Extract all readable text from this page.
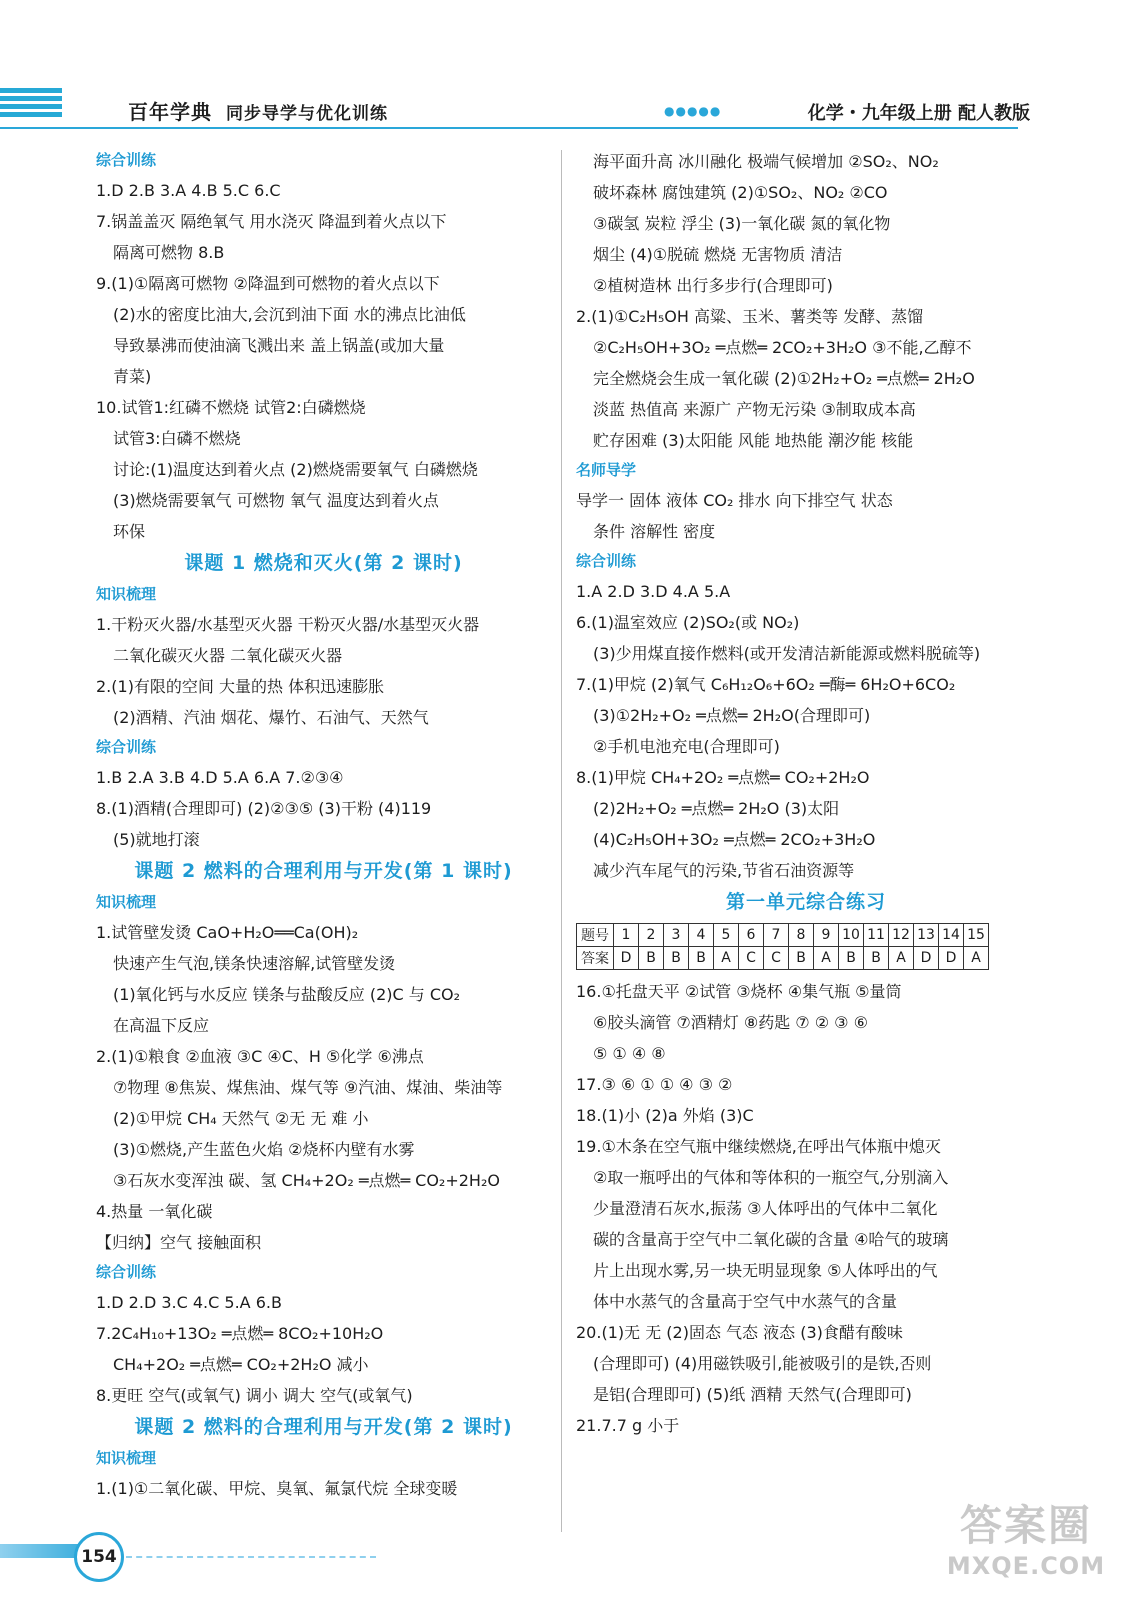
百年学典 同步导学与优化训练	●●●●●	化学・九年级上册 配人教版
综合训练
1.D 2.B 3.A 4.B 5.C 6.C
7.锅盖盖灭 隔绝氧气 用水浇灭 降温到着火点以下
隔离可燃物 8.B
9.(1)①隔离可燃物 ②降温到可燃物的着火点以下
(2)水的密度比油大,会沉到油下面 水的沸点比油低
导致暴沸而使油滴飞溅出来 盖上锅盖(或加大量
青菜)
10.试管1:红磷不燃烧 试管2:白磷燃烧
试管3:白磷不燃烧
讨论:(1)温度达到着火点 (2)燃烧需要氧气 白磷燃烧
(3)燃烧需要氧气 可燃物 氧气 温度达到着火点
环保
课题 1 燃烧和灭火(第 2 课时)
知识梳理
1.干粉灭火器/水基型灭火器 干粉灭火器/水基型灭火器
二氧化碳灭火器 二氧化碳灭火器
2.(1)有限的空间 大量的热 体积迅速膨胀
(2)酒精、汽油 烟花、爆竹、石油气、天然气
综合训练
1.B 2.A 3.B 4.D 5.A 6.A 7.②③④
8.(1)酒精(合理即可) (2)②③⑤ (3)干粉 (4)119
(5)就地打滚
课题 2 燃料的合理利用与开发(第 1 课时)
知识梳理
1.试管壁发烫 CaO+H₂O══Ca(OH)₂
快速产生气泡,镁条快速溶解,试管壁发烫
(1)氧化钙与水反应 镁条与盐酸反应 (2)C 与 CO₂
在高温下反应
2.(1)①粮食 ②血液 ③C ④C、H ⑤化学 ⑥沸点
⑦物理 ⑧焦炭、煤焦油、煤气等 ⑨汽油、煤油、柴油等
(2)①甲烷 CH₄ 天然气 ②无 无 难 小
(3)①燃烧,产生蓝色火焰 ②烧杯内壁有水雾
③石灰水变浑浊 碳、氢 CH₄+2O₂ ═点燃═ CO₂+2H₂O
4.热量 一氧化碳
【归纳】空气 接触面积
综合训练
1.D 2.D 3.C 4.C 5.A 6.B
7.2C₄H₁₀+13O₂ ═点燃═ 8CO₂+10H₂O
CH₄+2O₂ ═点燃═ CO₂+2H₂O 减小
8.更旺 空气(或氧气) 调小 调大 空气(或氧气)
课题 2 燃料的合理利用与开发(第 2 课时)
知识梳理
1.(1)①二氧化碳、甲烷、臭氧、氟氯代烷 全球变暖
海平面升高 冰川融化 极端气候增加 ②SO₂、NO₂
破坏森林 腐蚀建筑 (2)①SO₂、NO₂ ②CO
③碳氢 炭粒 浮尘 (3)一氧化碳 氮的氧化物
烟尘 (4)①脱硫 燃烧 无害物质 清洁
②植树造林 出行多步行(合理即可)
2.(1)①C₂H₅OH 高粱、玉米、薯类等 发酵、蒸馏
②C₂H₅OH+3O₂ ═点燃═ 2CO₂+3H₂O ③不能,乙醇不
完全燃烧会生成一氧化碳 (2)①2H₂+O₂ ═点燃═ 2H₂O
淡蓝 热值高 来源广 产物无污染 ③制取成本高
贮存困难 (3)太阳能 风能 地热能 潮汐能 核能
名师导学
导学一 固体 液体 CO₂ 排水 向下排空气 状态
条件 溶解性 密度
综合训练
1.A 2.D 3.D 4.A 5.A
6.(1)温室效应 (2)SO₂(或 NO₂)
(3)少用煤直接作燃料(或开发清洁新能源或燃料脱硫等)
7.(1)甲烷 (2)氧气 C₆H₁₂O₆+6O₂ ═酶═ 6H₂O+6CO₂
(3)①2H₂+O₂ ═点燃═ 2H₂O(合理即可)
②手机电池充电(合理即可)
8.(1)甲烷 CH₄+2O₂ ═点燃═ CO₂+2H₂O
(2)2H₂+O₂ ═点燃═ 2H₂O (3)太阳
(4)C₂H₅OH+3O₂ ═点燃═ 2CO₂+3H₂O
减少汽车尾气的污染,节省石油资源等
第一单元综合练习
题号	1	2	3	4	5	6	7	8	9	10	11	12	13	14	15
答案	D	B	B	B	A	C	C	B	A	B	B	A	D	D	A
16.①托盘天平 ②试管 ③烧杯 ④集气瓶 ⑤量筒
⑥胶头滴管 ⑦酒精灯 ⑧药匙 ⑦ ② ③ ⑥
⑤ ① ④ ⑧
17.③ ⑥ ① ① ④ ③ ②
18.(1)小 (2)a 外焰 (3)C
19.①木条在空气瓶中继续燃烧,在呼出气体瓶中熄灭
②取一瓶呼出的气体和等体积的一瓶空气,分别滴入
少量澄清石灰水,振荡 ③人体呼出的气体中二氧化
碳的含量高于空气中二氧化碳的含量 ④哈气的玻璃
片上出现水雾,另一块无明显现象 ⑤人体呼出的气
体中水蒸气的含量高于空气中水蒸气的含量
20.(1)无 无 (2)固态 气态 液态 (3)食醋有酸味
(合理即可) (4)用磁铁吸引,能被吸引的是铁,否则
是铝(合理即可) (5)纸 酒精 天然气(合理即可)
21.7.7 g 小于
154
答案圈
MXQE.COM
